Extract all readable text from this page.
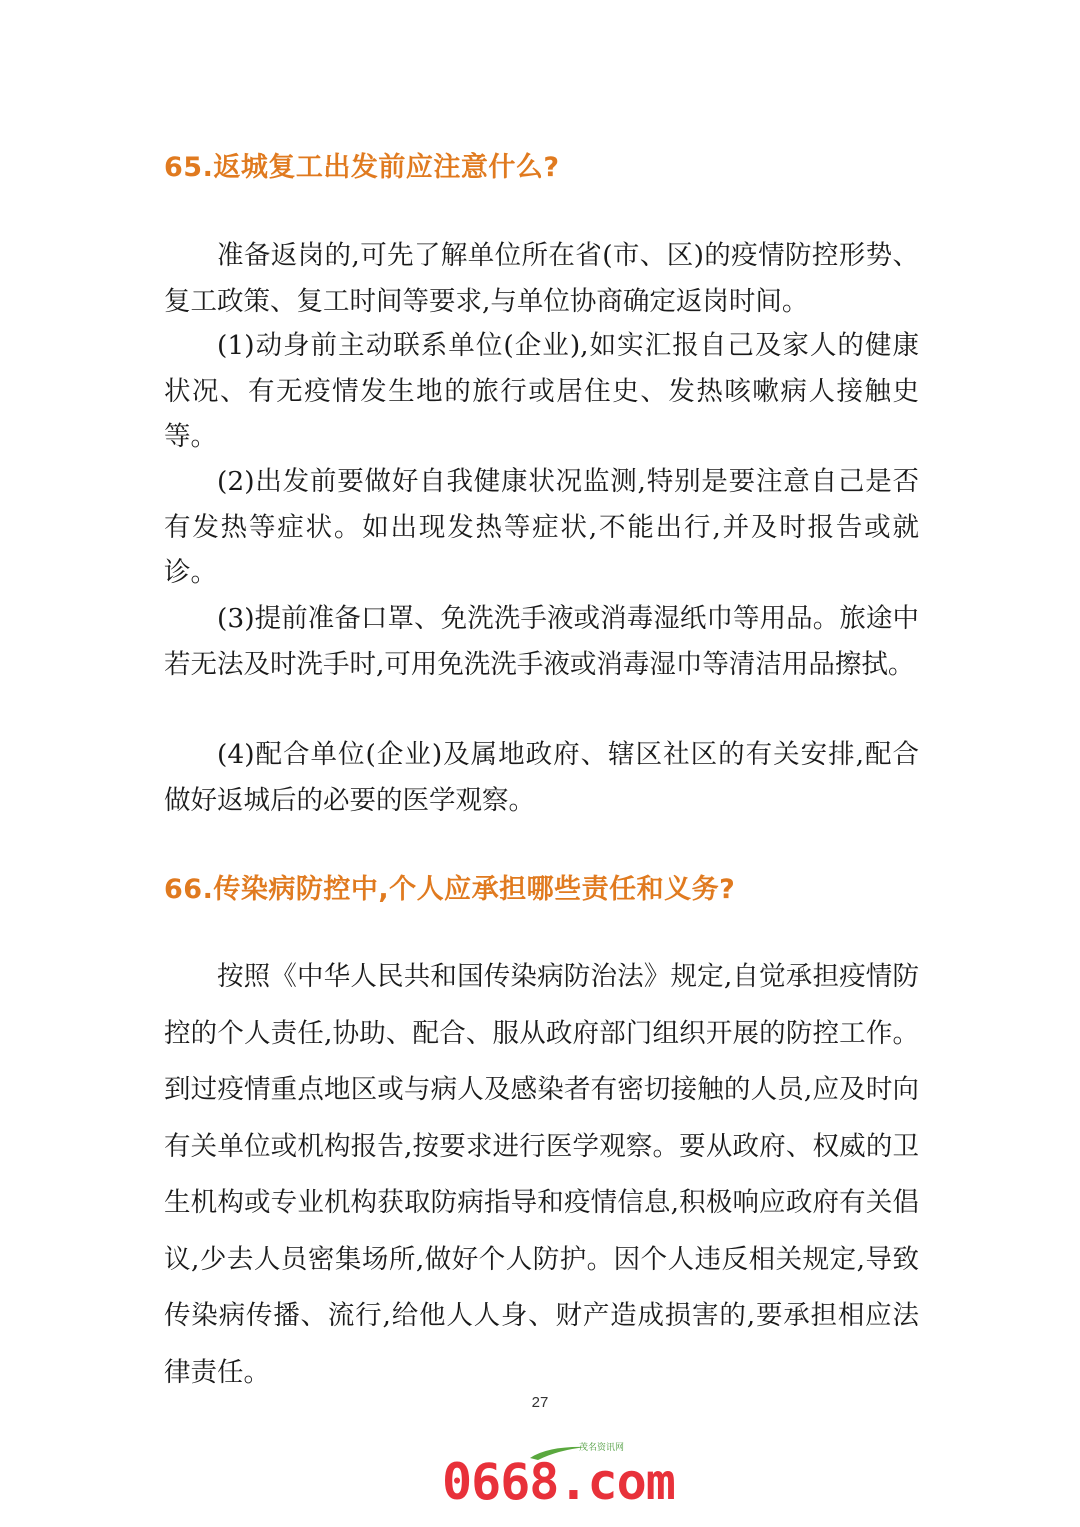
65.返城复工出发前应注意什么?

准备返岗的,可先了解单位所在省(市、区)的疫情防控形势、复工政策、复工时间等要求,与单位协商确定返岗时间。

(1)动身前主动联系单位(企业),如实汇报自己及家人的健康状况、有无疫情发生地的旅行或居住史、发热咳嗽病人接触史等。

(2)出发前要做好自我健康状况监测,特别是要注意自己是否有发热等症状。如出现发热等症状,不能出行,并及时报告或就诊。

(3)提前准备口罩、免洗洗手液或消毒湿纸巾等用品。旅途中若无法及时洗手时,可用免洗洗手液或消毒湿巾等清洁用品擦拭。

(4)配合单位(企业)及属地政府、辖区社区的有关安排,配合做好返城后的必要的医学观察。

66.传染病防控中,个人应承担哪些责任和义务?

按照《中华人民共和国传染病防治法》规定,自觉承担疫情防控的个人责任,协助、配合、服从政府部门组织开展的防控工作。到过疫情重点地区或与病人及感染者有密切接触的人员,应及时向有关单位或机构报告,按要求进行医学观察。要从政府、权威的卫生机构或专业机构获取防病指导和疫情信息,积极响应政府有关倡议,少去人员密集场所,做好个人防护。因个人违反相关规定,导致传染病传播、流行,给他人人身、财产造成损害的,要承担相应法律责任。

27
茂名资讯网
0668.com
